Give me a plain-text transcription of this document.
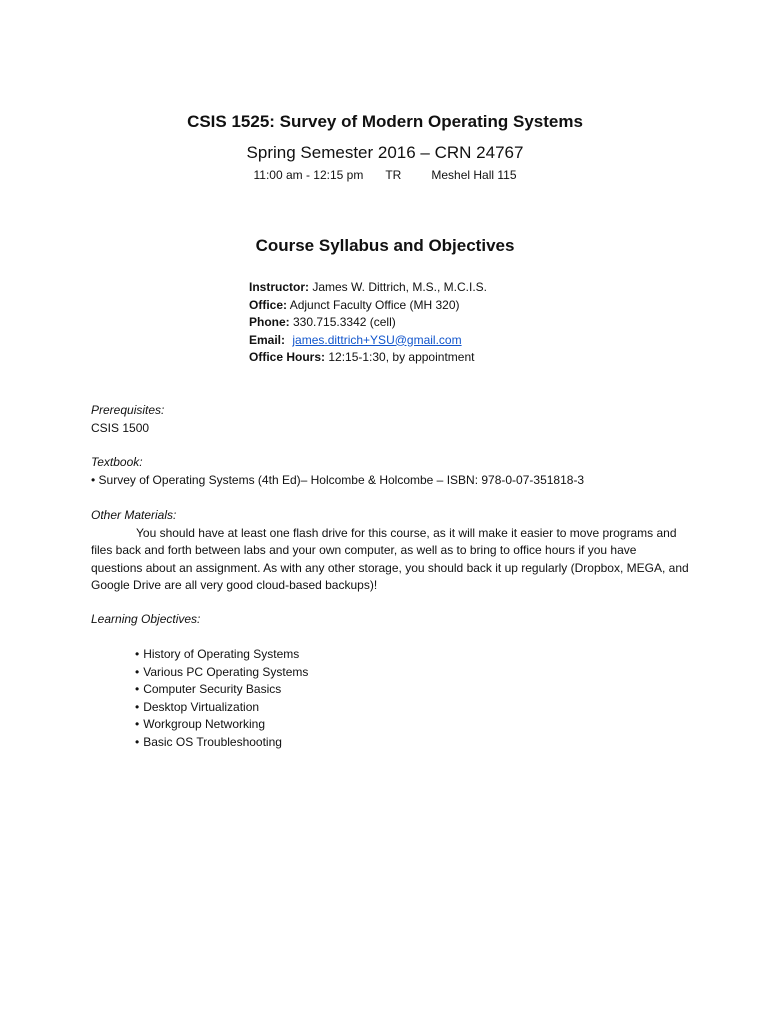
CSIS 1525: Survey of Modern Operating Systems
Spring Semester 2016 – CRN 24767
11:00 am - 12:15 pm TR	Meshel Hall 115
Course Syllabus and Objectives
Instructor: James W. Dittrich, M.S., M.C.I.S.
Office: Adjunct Faculty Office (MH 320)
Phone: 330.715.3342 (cell)
Email: james.dittrich+YSU@gmail.com
Office Hours: 12:15-1:30, by appointment
Prerequisites:
CSIS 1500
Textbook:
• Survey of Operating Systems (4th Ed)– Holcombe & Holcombe – ISBN: 978-0-07-351818-3
Other Materials:

You should have at least one flash drive for this course, as it will make it easier to move programs and files back and forth between labs and your own computer, as well as to bring to office hours if you have questions about an assignment. As with any other storage, you should back it up regularly (Dropbox, MEGA, and Google Drive are all very good cloud-based backups)!

Learning Objectives:
• History of Operating Systems
• Various PC Operating Systems
• Computer Security Basics
• Desktop Virtualization
• Workgroup Networking
• Basic OS Troubleshooting
